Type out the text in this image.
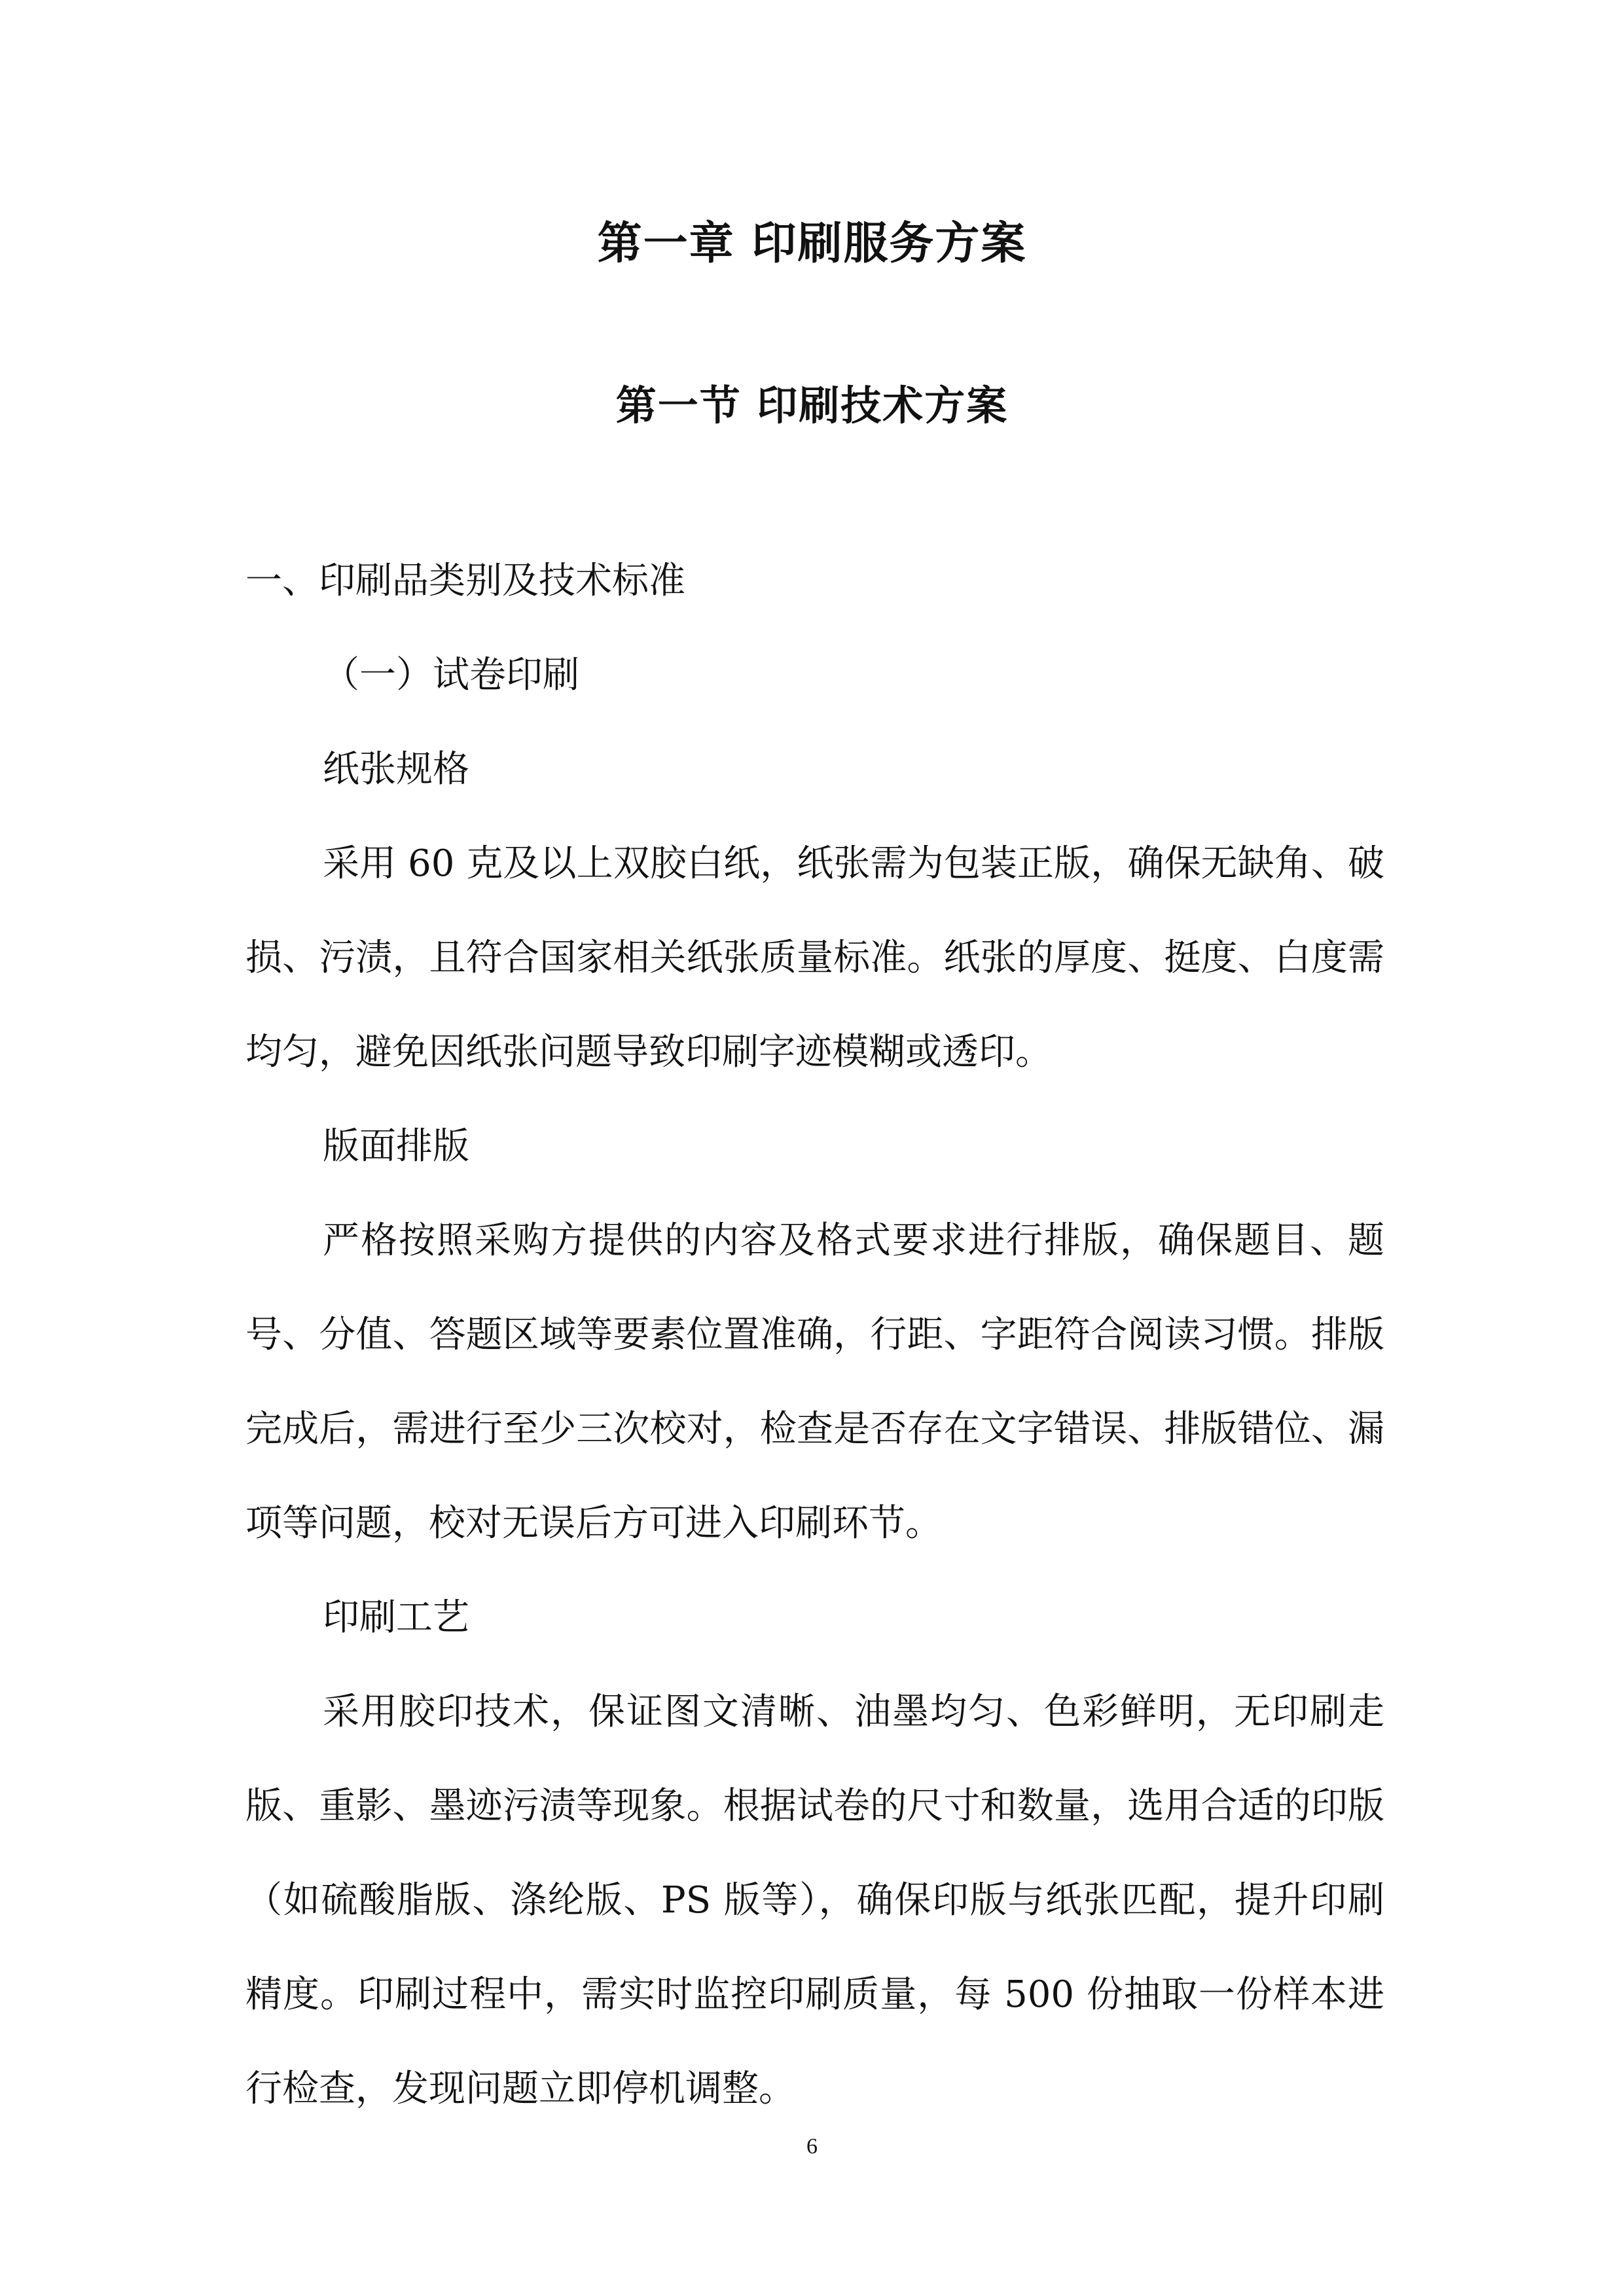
第一章 印刷服务方案
第一节 印刷技术方案

一、印刷品类别及技术标准

（一）试卷印刷

纸张规格

采用 60 克及以上双胶白纸，纸张需为包装正版，确保无缺角、破损、污渍，且符合国家相关纸张质量标准。纸张的厚度、挺度、白度需均匀，避免因纸张问题导致印刷字迹模糊或透印。

版面排版

严格按照采购方提供的内容及格式要求进行排版，确保题目、题号、分值、答题区域等要素位置准确，行距、字距符合阅读习惯。排版完成后，需进行至少三次校对，检查是否存在文字错误、排版错位、漏项等问题，校对无误后方可进入印刷环节。

印刷工艺

采用胶印技术，保证图文清晰、油墨均匀、色彩鲜明，无印刷走版、重影、墨迹污渍等现象。根据试卷的尺寸和数量，选用合适的印版（如硫酸脂版、涤纶版、PS 版等），确保印版与纸张匹配，提升印刷精度。印刷过程中，需实时监控印刷质量，每 500 份抽取一份样本进行检查，发现问题立即停机调整。

6
